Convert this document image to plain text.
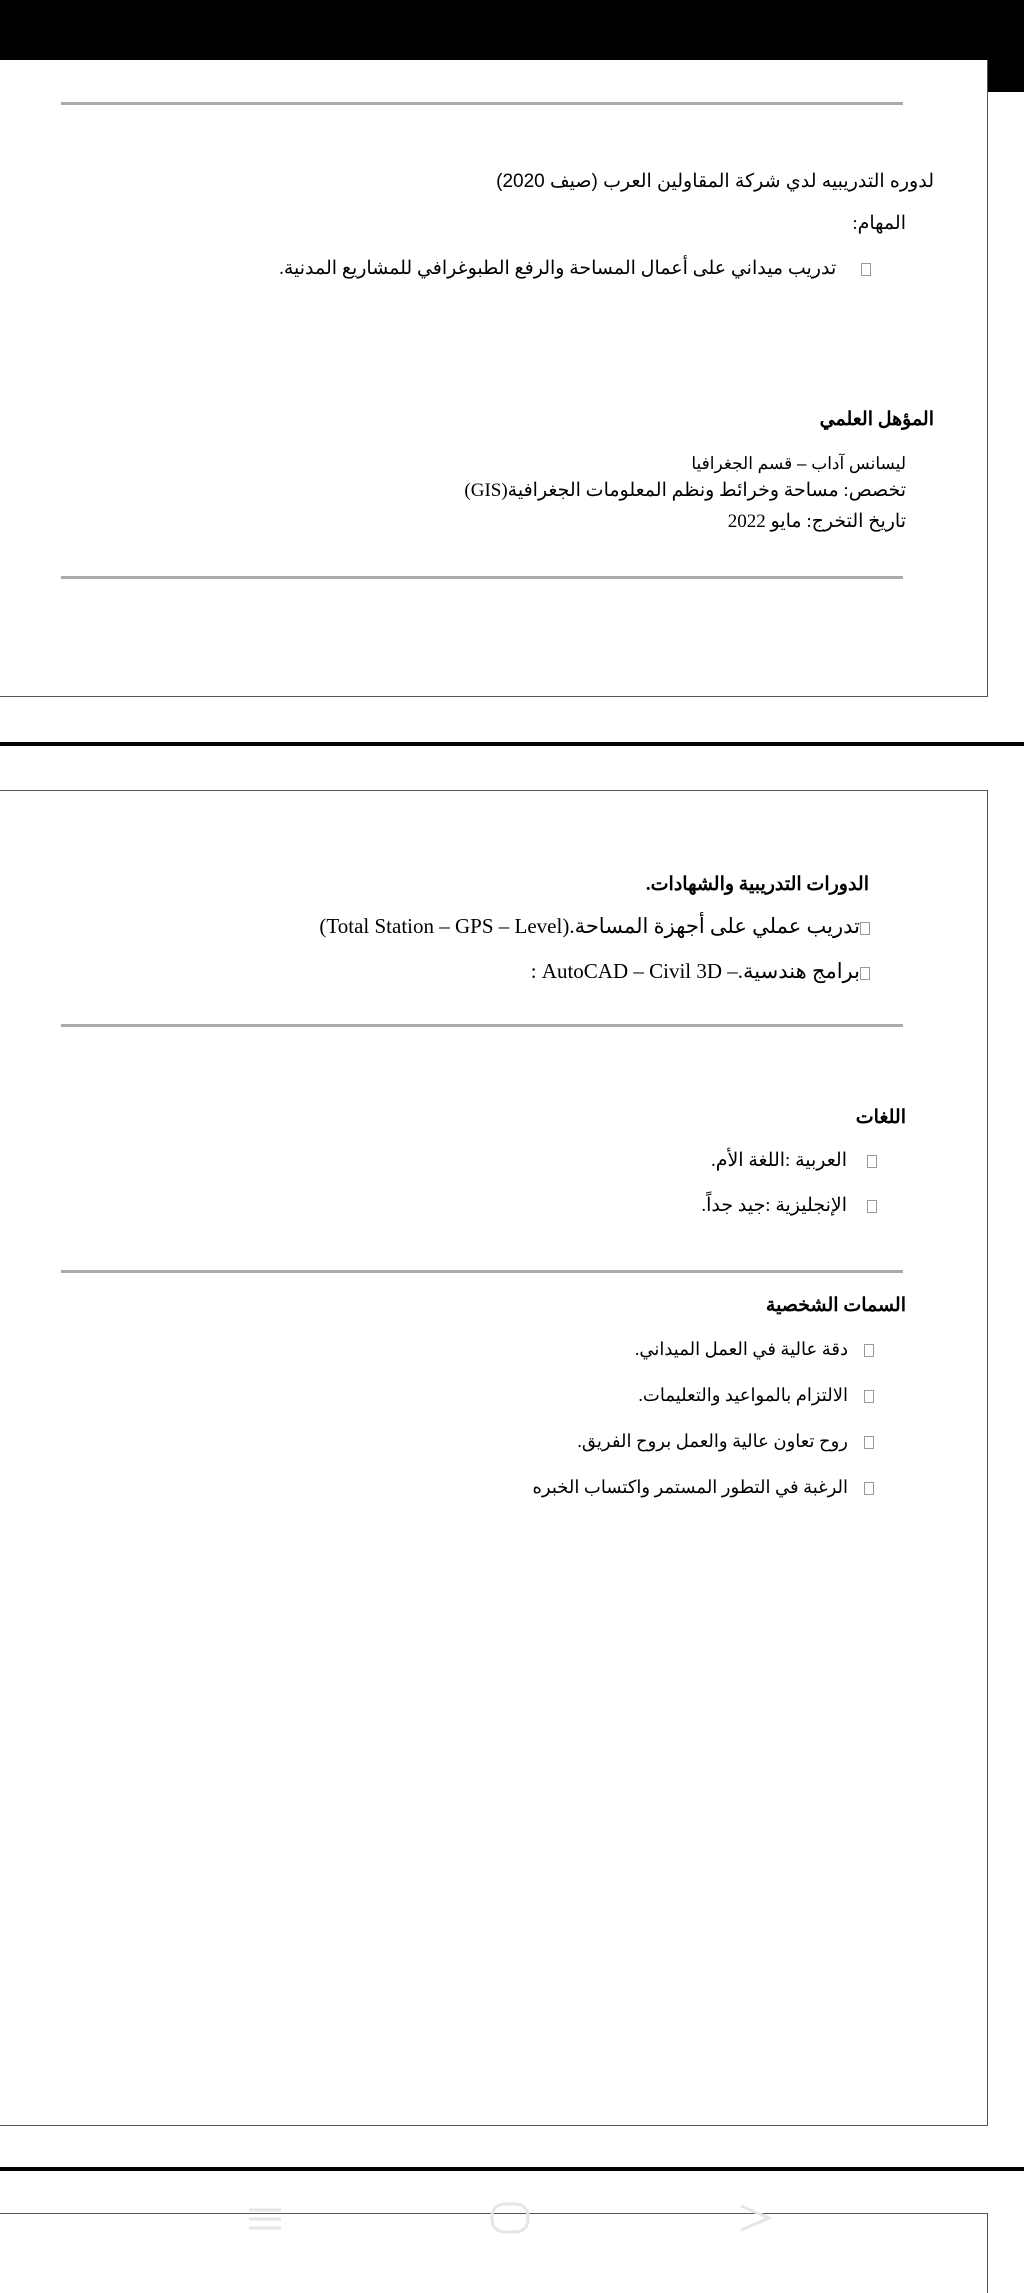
لدوره التدريبيه لدي شركة المقاولين العرب (صيف 2020)
المهام:
تدريب ميداني على أعمال المساحة والرفع الطبوغرافي للمشاريع المدنية.
المؤهل العلمي
ليسانس آداب – قسم الجغرافيا
تخصص: مساحة وخرائط ونظم المعلومات الجغرافية(GIS)
تاريخ التخرج: مايو 2022
الدورات التدريبية والشهادات.
تدريب عملي على أجهزة المساحة.(Total Station – GPS – Level)
برامج هندسية.– AutoCAD – Civil 3D :
اللغات
العربية :اللغة الأم.
الإنجليزية :جيد جداً.
السمات الشخصية
دقة عالية في العمل الميداني.
الالتزام بالمواعيد والتعليمات.
روح تعاون عالية والعمل بروح الفريق.
الرغبة في التطور المستمر واكتساب الخبره
